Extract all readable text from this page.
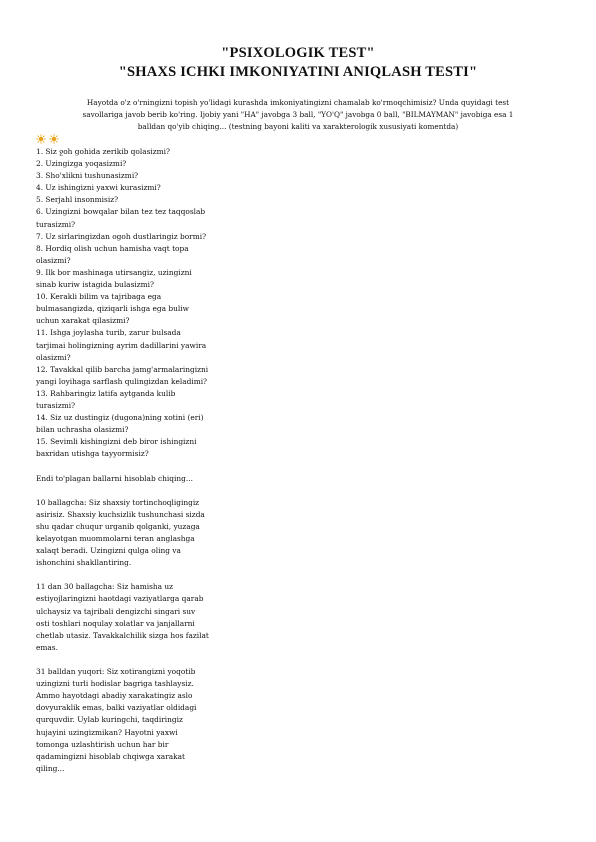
"PSIXOLOGIK TEST"
"SHAXS ICHKI IMKONIYATINI ANIQLASH TESTI"
Hayotda o'z o'rningizni topish yo'lidagi kurashda imkoniyatingizni chamalab ko'rmoqchimisiz? Unda quyidagi test
savollariga javob berib ko'ring. Ijobiy yani "HA" javobga 3 ball, "YO'Q" javobga 0 ball, "BILMAYMAN" javobiga esa 1
balldan qo'yib chiqing... (testning bayoni kaliti va xarakterologik xususiyati komentda)
1. Siz ջoh gohida zerikib qolasizmi?
2. Uzingizga yoqasizmi?
3. Sho'xlikni tushunasizmi?
4. Uz ishingizni yaxwi kurasizmi?
5. Serjahl insonmisiz?
6. Uzingizni bowqalar bilan tez tez taqqoslab
turasizmi?
7. Uz sirlaringizdan ogoh dustlaringiz bormi?
8. Hordiq olish uchun hamisha vaqt topa
olasizmi?
9. Ilk bor mashinaga utirsangiz, uzingizni
sinab kuriw istagida bulasizmi?
10. Kerakli bilim va tajribaga ega
bulmasangizda, qiziqarli ishga ega buliw
uchun xarakat qilasizmi?
11. Ishga joylasha turib, zarur bulsada
tarjimai holingizning ayrim dadillarini yawira
olasizmi?
12. Tavakkal qilib barcha jamg'armalaringizni
yangi loyihaga sarflash qulingizdan keladimi?
13. Rahbaringiz latifa aytganda kulib
turasizmi?
14. Siz uz dustingiz (dugona)ning xotini (eri)
bilan uchrasha olasizmi?
15. Sevimli kishingizni deb biror ishingizni
baxridan utishga tayyormisiz?
Endi to'plagan ballarni hisoblab chiqing...
10 ballagcha: Siz shaxsiy tortinchoqligingiz
asirisiz. Shaxsiy kuchsizlik tushunchasi sizda
shu qadar chuqur urganib qolganki, yuzaga
kelayotgan muommolarni teran anglashga
xalaqt beradi. Uzingizni qulga oling va
ishonchini shakllantiring.
11 dan 30 ballagcha: Siz hamisha uz
estiyojlaringizni haotdagi vaziyatlarga qarab
ulchaysiz va tajribali dengizchi singari suv
osti toshlari noqulay xolatlar va janjallarni
chetlab utasiz. Tavakkalchilik sizga hos fazilat
emas.
31 balldan yuqori: Siz xotirangizni yoqotib
uzingizni turli hodislar bagriga tashlaysiz.
Ammo hayotdagi abadiy xarakatingiz aslo
dovyuraklik emas, balki vaziyatlar oldidagi
qurquvdir. Uylab kuringchi, taqdiringiz
hujayini uzingizmikan? Hayotni yaxwi
tomonga uzlashtirish uchun har bir
qadamingizni hisoblab chqiwga xarakat
qiling...
